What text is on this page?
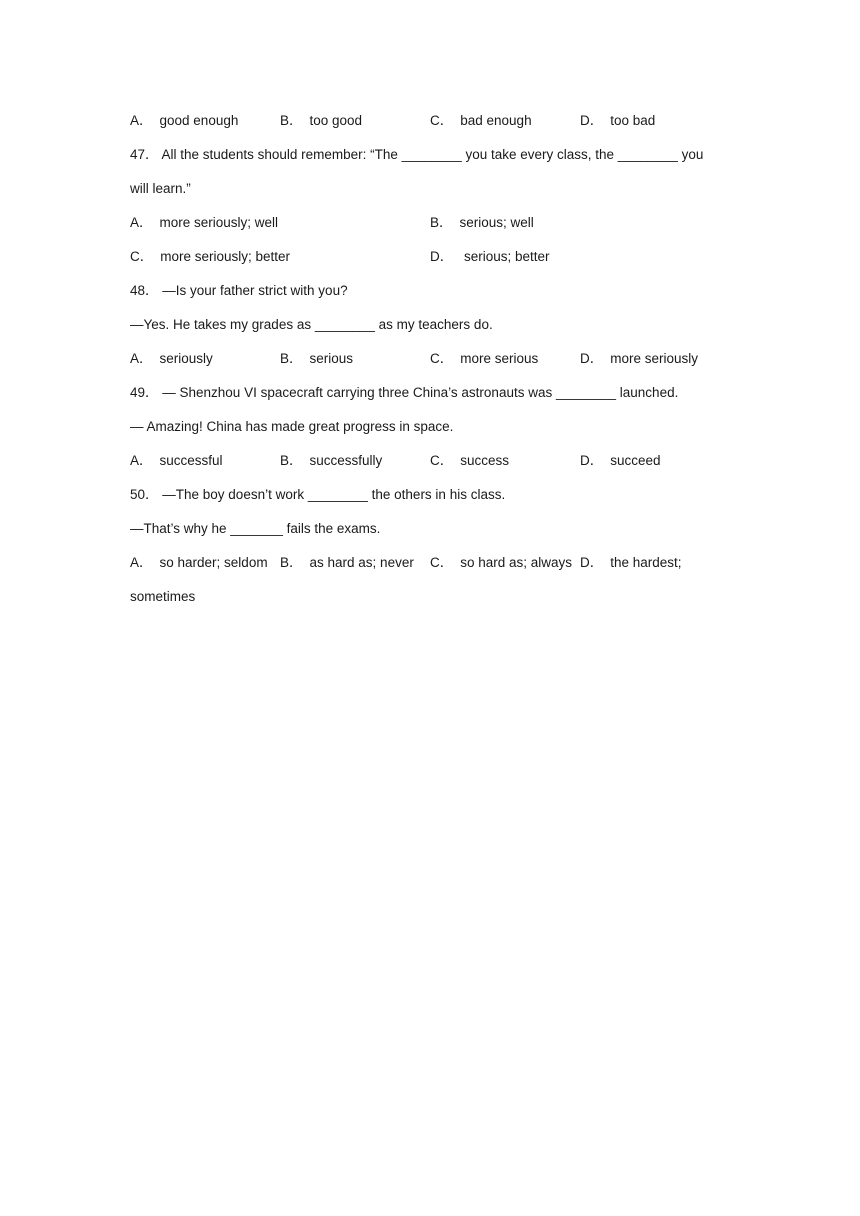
A． good enough	B． too good	C． bad enough	D． too bad
47． All the students should remember: “The ________ you take every class, the ________ you
will learn.”
A． more seriously; well	B． serious; well
C． more seriously; better	D． serious; better
48． —Is your father strict with you?
—Yes. He takes my grades as ________ as my teachers do.
A． seriously	B． serious	C． more serious	D． more seriously
49． — Shenzhou VI spacecraft carrying three China’s astronauts was ________ launched.
— Amazing! China has made great progress in space.
A． successful	B． successfully	C． success	D． succeed
50． —The boy doesn’t work ________ the others in his class.
—That’s why he _______ fails the exams.
A． so harder; seldom B． as hard as; never	C． so hard as; always D． the hardest;
sometimes
